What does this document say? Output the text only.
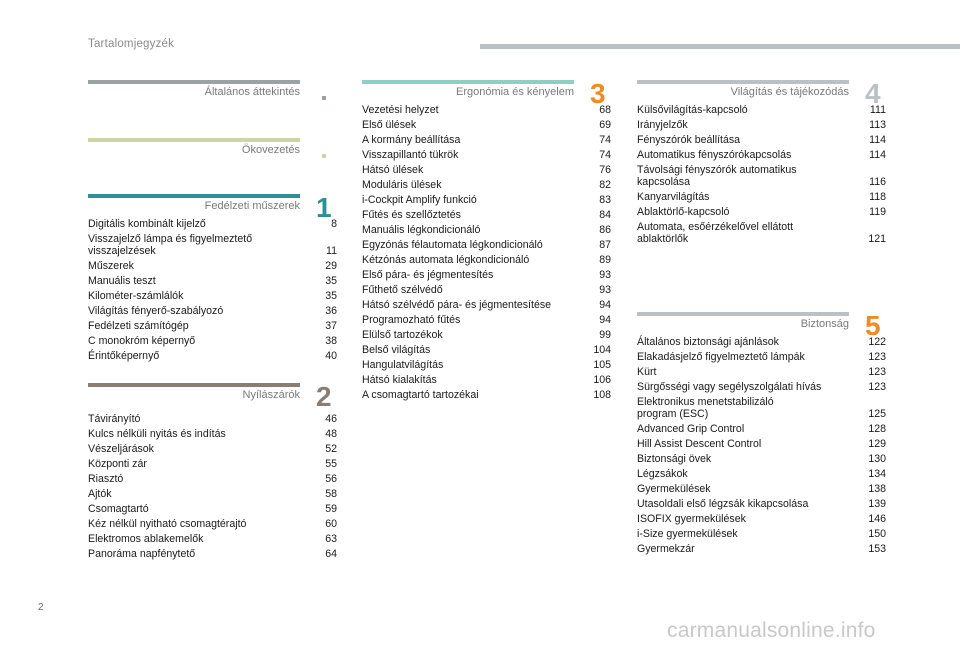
Tartalomjegyzék
Általános áttekintés
Ökovezetés
Fedélzeti műszerek 1
Digitális kombinált kijelző	8
Visszajelző lámpa és figyelmeztető
visszajelzések	11
Műszerek	29
Manuális teszt	35
Kilométer-számlálók	35
Világítás fényerő-szabályozó	36
Fedélzeti számítógép	37
C monokróm képernyő	38
Érintőképernyő	40
Nyílászárók 2
Távirányító	46
Kulcs nélküli nyitás és indítás	48
Vészeljárások	52
Központi zár	55
Riasztó	56
Ajtók	58
Csomagtartó	59
Kéz nélkül nyitható csomagtérajtó	60
Elektromos ablakemelők	63
Panoráma napfénytető	64
Ergonómia és kényelem 3
Vezetési helyzet	68
Első ülések	69
A kormány beállítása	74
Visszapillantó tükrök	74
Hátsó ülések	76
Moduláris ülések	82
i-Cockpit Amplify funkció	83
Fűtés és szellőztetés	84
Manuális légkondicionáló	86
Egyzónás félautomata légkondicionáló	87
Kétzónás automata légkondicionáló	89
Első pára- és jégmentesítés	93
Fűthető szélvédő	93
Hátsó szélvédő pára- és jégmentesítése	94
Programozható fűtés	94
Elülső tartozékok	99
Belső világítás	104
Hangulatvilágítás	105
Hátsó kialakítás	106
A csomagtartó tartozékai	108
Világítás és tájékozódás 4
Külsővilágítás-kapcsoló	111
Irányjelzők	113
Fényszórók beállítása	114
Automatikus fényszórókapcsolás	114
Távolsági fényszórók automatikus
kapcsolása	116
Kanyarvilágítás	118
Ablaktörlő-kapcsoló	119
Automata, esőérzékelővel ellátott
ablaktörlők	121
Biztonság 5
Általános biztonsági ajánlások	122
Elakadásjelző figyelmeztető lámpák	123
Kürt	123
Sürgősségi vagy segélyszolgálati hívás	123
Elektronikus menetstabilizáló
program (ESC)	125
Advanced Grip Control	128
Hill Assist Descent Control	129
Biztonsági övek	130
Légzsákok	134
Gyermekülések	138
Utasoldali első légzsák kikapcsolása	139
ISOFIX gyermekülések	146
i-Size gyermekülések	150
Gyermekzár	153
2
carmanualsonline.info
